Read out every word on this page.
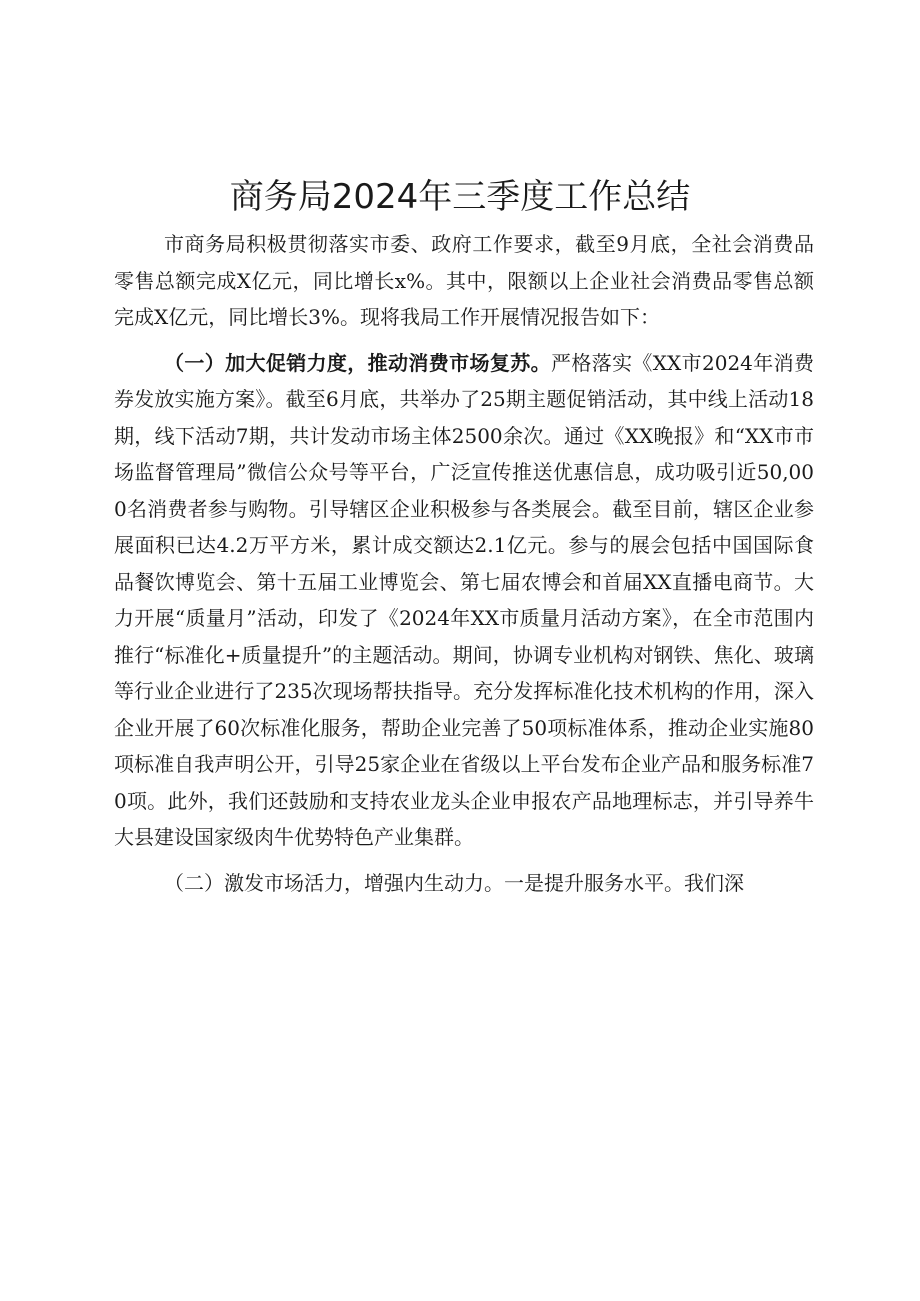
商务局2024年三季度工作总结

市商务局积极贯彻落实市委、政府工作要求，截至9月底，全社会消费品零售总额完成X亿元，同比增长x%。其中，限额以上企业社会消费品零售总额完成X亿元，同比增长3%。现将我局工作开展情况报告如下：

（一）加大促销力度，推动消费市场复苏。严格落实《XX市2024年消费券发放实施方案》。截至6月底，共举办了25期主题促销活动，其中线上活动18期，线下活动7期，共计发动市场主体2500余次。通过《XX晚报》和“XX市市场监督管理局”微信公众号等平台，广泛宣传推送优惠信息，成功吸引近50,000名消费者参与购物。引导辖区企业积极参与各类展会。截至目前，辖区企业参展面积已达4.2万平方米，累计成交额达2.1亿元。参与的展会包括中国国际食品餐饮博览会、第十五届工业博览会、第七届农博会和首届XX直播电商节。大力开展“质量月”活动，印发了《2024年XX市质量月活动方案》，在全市范围内推行“标准化+质量提升”的主题活动。期间，协调专业机构对钢铁、焦化、玻璃等行业企业进行了235次现场帮扶指导。充分发挥标准化技术机构的作用，深入企业开展了60次标准化服务，帮助企业完善了50项标准体系，推动企业实施80项标准自我声明公开，引导25家企业在省级以上平台发布企业产品和服务标准70项。此外，我们还鼓励和支持农业龙头企业申报农产品地理标志，并引导养牛大县建设国家级肉牛优势特色产业集群。

（二）激发市场活力，增强内生动力。一是提升服务水平。我们深
